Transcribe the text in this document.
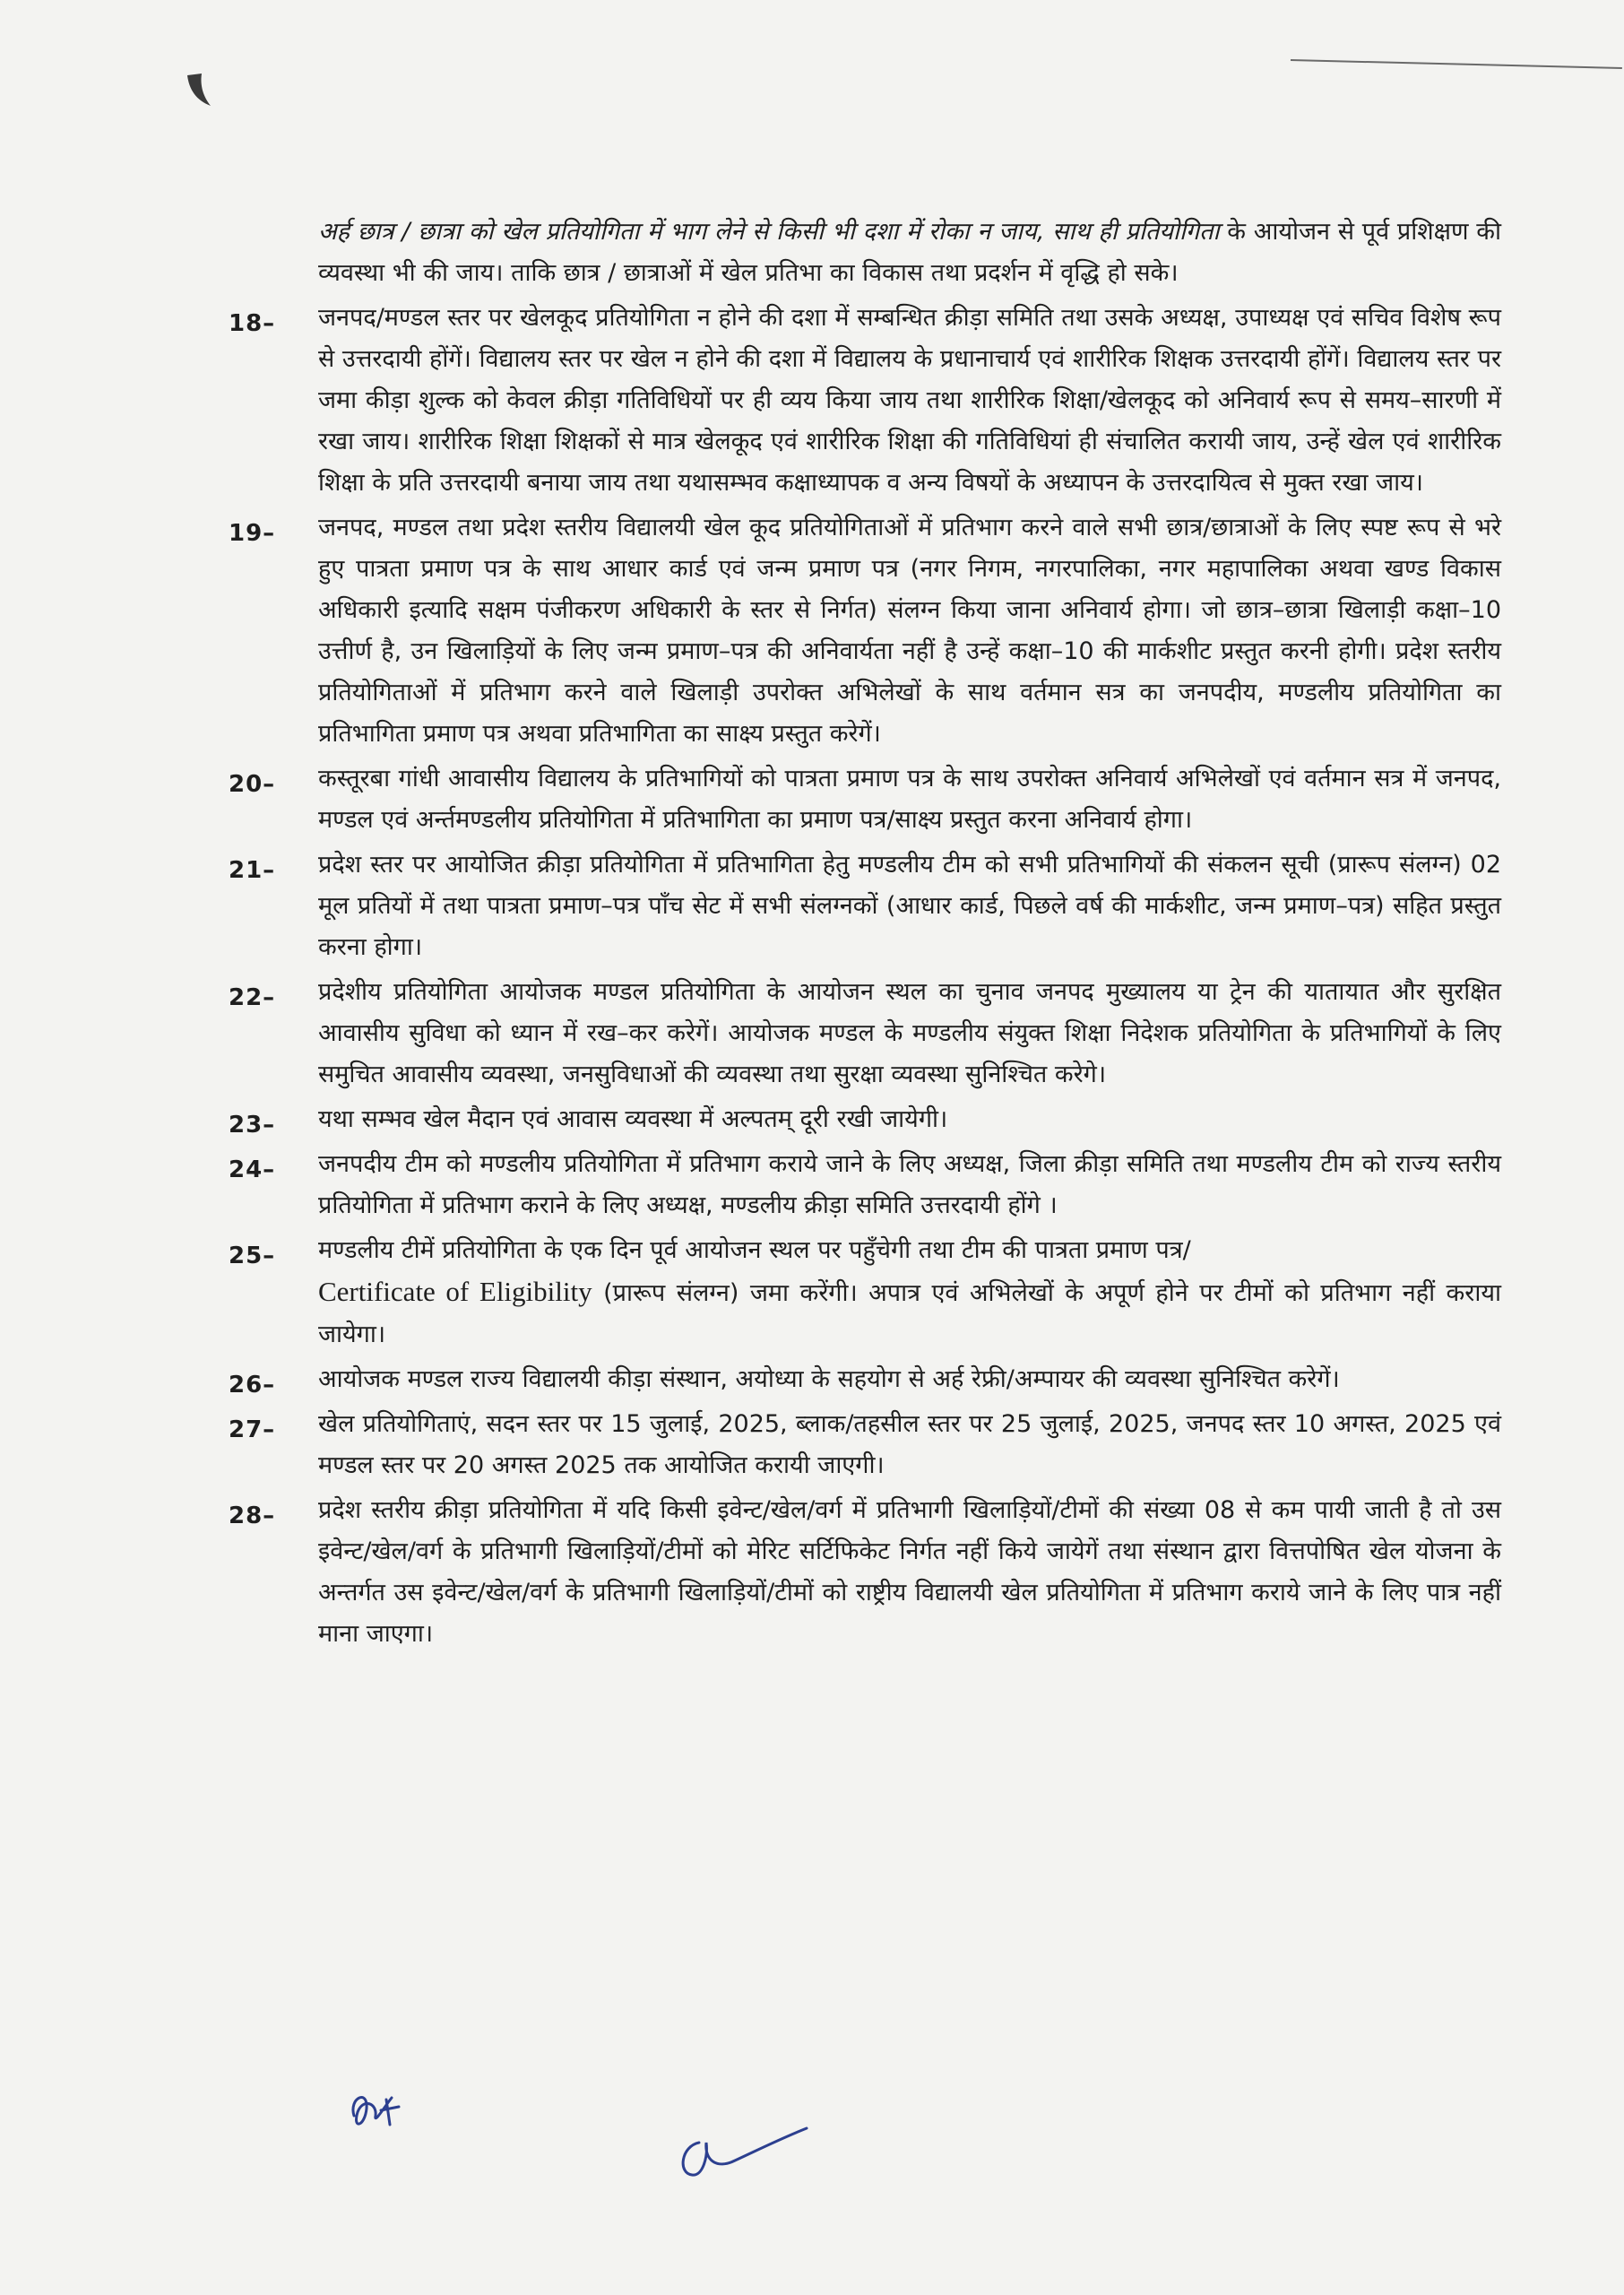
अर्ह छात्र / छात्रा को खेल प्रतियोगिता में भाग लेने से किसी भी दशा में रोका न जाय, साथ ही प्रतियोगिता के आयोजन से पूर्व प्रशिक्षण की व्यवस्था भी की जाय। ताकि छात्र / छात्राओं में खेल प्रतिभा का विकास तथा प्रदर्शन में वृद्धि हो सके।
18– जनपद/मण्डल स्तर पर खेलकूद प्रतियोगिता न होने की दशा में सम्बन्धित क्रीड़ा समिति तथा उसके अध्यक्ष, उपाध्यक्ष एवं सचिव विशेष रूप से उत्तरदायी होंगें। विद्यालय स्तर पर खेल न होने की दशा में विद्यालय के प्रधानाचार्य एवं शारीरिक शिक्षक उत्तरदायी होंगें। विद्यालय स्तर पर जमा कीड़ा शुल्क को केवल क्रीड़ा गतिविधियों पर ही व्यय किया जाय तथा शारीरिक शिक्षा/खेलकूद को अनिवार्य रूप से समय–सारणी में रखा जाय। शारीरिक शिक्षा शिक्षकों से मात्र खेलकूद एवं शारीरिक शिक्षा की गतिविधियां ही संचालित करायी जाय, उन्हें खेल एवं शारीरिक शिक्षा के प्रति उत्तरदायी बनाया जाय तथा यथासम्भव कक्षाध्यापक व अन्य विषयों के अध्यापन के उत्तरदायित्व से मुक्त रखा जाय।
19– जनपद, मण्डल तथा प्रदेश स्तरीय विद्यालयी खेल कूद प्रतियोगिताओं में प्रतिभाग करने वाले सभी छात्र/छात्राओं के लिए स्पष्ट रूप से भरे हुए पात्रता प्रमाण पत्र के साथ आधार कार्ड एवं जन्म प्रमाण पत्र (नगर निगम, नगरपालिका, नगर महापालिका अथवा खण्ड विकास अधिकारी इत्यादि सक्षम पंजीकरण अधिकारी के स्तर से निर्गत) संलग्न किया जाना अनिवार्य होगा। जो छात्र–छात्रा खिलाड़ी कक्षा–10 उत्तीर्ण है, उन खिलाड़ियों के लिए जन्म प्रमाण–पत्र की अनिवार्यता नहीं है उन्हें कक्षा–10 की मार्कशीट प्रस्तुत करनी होगी। प्रदेश स्तरीय प्रतियोगिताओं में प्रतिभाग करने वाले खिलाड़ी उपरोक्त अभिलेखों के साथ वर्तमान सत्र का जनपदीय, मण्डलीय प्रतियोगिता का प्रतिभागिता प्रमाण पत्र अथवा प्रतिभागिता का साक्ष्य प्रस्तुत करेगें।
20– कस्तूरबा गांधी आवासीय विद्यालय के प्रतिभागियों को पात्रता प्रमाण पत्र के साथ उपरोक्त अनिवार्य अभिलेखों एवं वर्तमान सत्र में जनपद, मण्डल एवं अर्न्तमण्डलीय प्रतियोगिता में प्रतिभागिता का प्रमाण पत्र/साक्ष्य प्रस्तुत करना अनिवार्य होगा।
21– प्रदेश स्तर पर आयोजित क्रीड़ा प्रतियोगिता में प्रतिभागिता हेतु मण्डलीय टीम को सभी प्रतिभागियों की संकलन सूची (प्रारूप संलग्न) 02 मूल प्रतियों में तथा पात्रता प्रमाण–पत्र पाँच सेट में सभी संलग्नकों (आधार कार्ड, पिछले वर्ष की मार्कशीट, जन्म प्रमाण–पत्र) सहित प्रस्तुत करना होगा।
22– प्रदेशीय प्रतियोगिता आयोजक मण्डल प्रतियोगिता के आयोजन स्थल का चुनाव जनपद मुख्यालय या ट्रेन की यातायात और सुरक्षित आवासीय सुविधा को ध्यान में रख–कर करेगें। आयोजक मण्डल के मण्डलीय संयुक्त शिक्षा निदेशक प्रतियोगिता के प्रतिभागियों के लिए समुचित आवासीय व्यवस्था, जनसुविधाओं की व्यवस्था तथा सुरक्षा व्यवस्था सुनिश्चित करेगे।
23– यथा सम्भव खेल मैदान एवं आवास व्यवस्था में अल्पतम् दूरी रखी जायेगी।
24– जनपदीय टीम को मण्डलीय प्रतियोगिता में प्रतिभाग कराये जाने के लिए अध्यक्ष, जिला क्रीड़ा समिति तथा मण्डलीय टीम को राज्य स्तरीय प्रतियोगिता में प्रतिभाग कराने के लिए अध्यक्ष, मण्डलीय क्रीड़ा समिति उत्तरदायी होंगे ।
25– मण्डलीय टीमें प्रतियोगिता के एक दिन पूर्व आयोजन स्थल पर पहुँचेगी तथा टीम की पात्रता प्रमाण पत्र/
Certificate of Eligibility (प्रारूप संलग्न) जमा करेंगी। अपात्र एवं अभिलेखों के अपूर्ण होने पर टीमों को प्रतिभाग नहीं कराया जायेगा।
26– आयोजक मण्डल राज्य विद्यालयी कीड़ा संस्थान, अयोध्या के सहयोग से अर्ह रेफ्री/अम्पायर की व्यवस्था सुनिश्चित करेगें।
27– खेल प्रतियोगिताएं, सदन स्तर पर 15 जुलाई, 2025, ब्लाक/तहसील स्तर पर 25 जुलाई, 2025, जनपद स्तर 10 अगस्त, 2025 एवं मण्डल स्तर पर 20 अगस्त 2025 तक आयोजित करायी जाएगी।
28– प्रदेश स्तरीय क्रीड़ा प्रतियोगिता में यदि किसी इवेन्ट/खेल/वर्ग में प्रतिभागी खिलाड़ियों/टीमों की संख्या 08 से कम पायी जाती है तो उस इवेन्ट/खेल/वर्ग के प्रतिभागी खिलाड़ियों/टीमों को मेरिट सर्टिफिकेट निर्गत नहीं किये जायेगें तथा संस्थान द्वारा वित्तपोषित खेल योजना के अन्तर्गत उस इवेन्ट/खेल/वर्ग के प्रतिभागी खिलाड़ियों/टीमों को राष्ट्रीय विद्यालयी खेल प्रतियोगिता में प्रतिभाग कराये जाने के लिए पात्र नहीं माना जाएगा।
